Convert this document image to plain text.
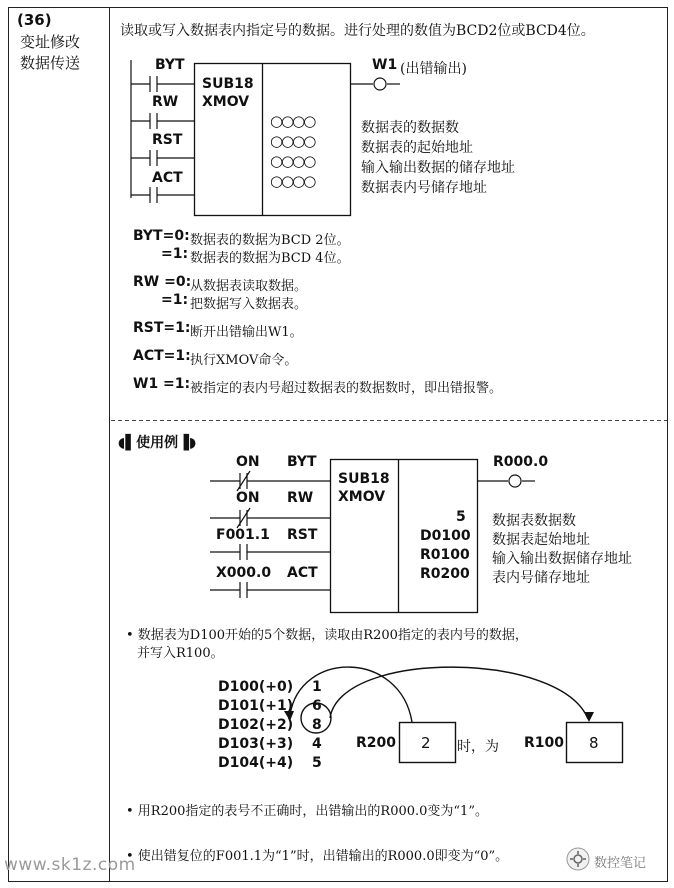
(36)
变址修改
数据传送
读取或写入数据表内指定号的数据。进行处理的数值为BCD2位或BCD4位。
BYT
RW
RST
ACT
SUB18
XMOV
○○○○
○○○○
○○○○
○○○○
数据表的数据数
数据表的起始地址
输入输出数据的储存地址
数据表内号储存地址
W1 (出错输出)
BYT=0: 数据表的数据为BCD 2位。
=1: 数据表的数据为BCD 4位。
RW =0:
从数据表读取数据。
=1: 把数据写入数据表。
RST=1: 断开出错输出W1。
ACT=1: 执行XMOV命令。
W1 =1: 被指定的表内号超过数据表的数据数时，即出错报警。
◖▌使用例▐◗
ON
ON
F001.1
X000.0
BYT
RW
RST
ACT
SUB18
XMOV
5
D0100
R0100
R0200
数据表数据数
数据表起始地址
输入输出数据储存地址
表内号储存地址
R000.0
• 数据表为D100开始的5个数据，读取由R200指定的表内号的数据，
并写入R100。
D100(+0)
D101(+1)
D102(+2)
D103(+3)
D104(+4)
1
6
8
4
5
R200 2 时，为 R100 8
• 用R200指定的表号不正确时，出错输出的R000.0变为“1”。
• 使出错复位的F001.1为“1”时，出错输出的R000.0即变为“0”。
www.sk1z.com	数控笔记
